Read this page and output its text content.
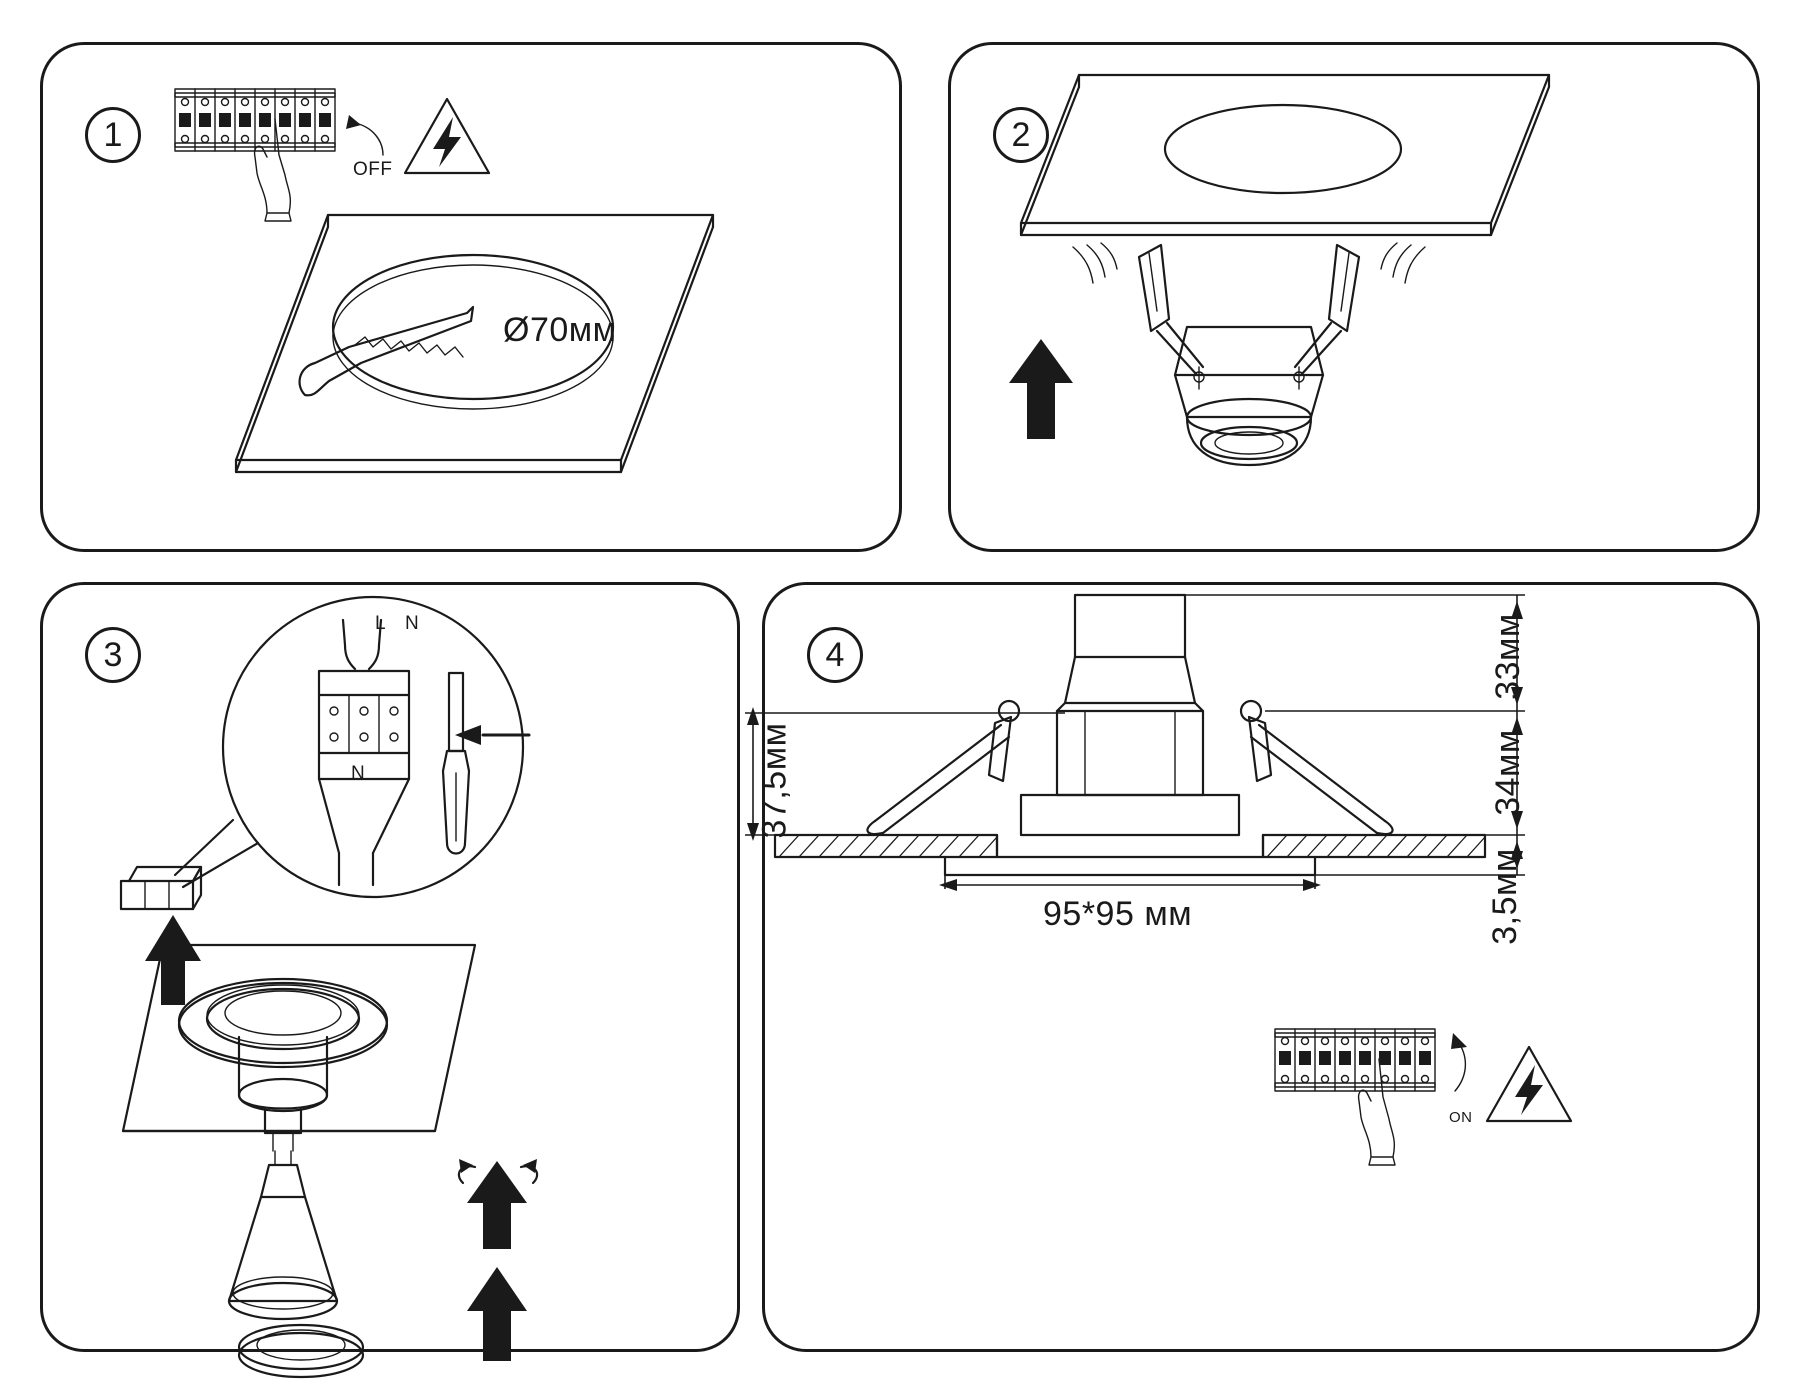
1
Ø70мм
OFF
2
3
L N
N
4	33мм
34мм
3,5мм
37,5мм
95*95 мм
ON
